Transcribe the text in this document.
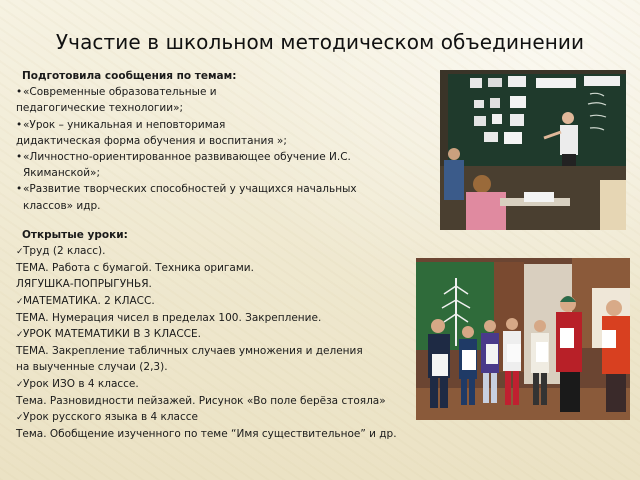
Участие в школьном методическом объединении
Подготовила сообщения по темам:
•«Современные образовательные и
педагогические технологии»;
•«Урок – уникальная и неповторимая
дидактическая форма обучения и воспитания »;
•«Личностно-ориентированное развивающее обучение И.С.
Якиманской»;
•«Развитие творческих способностей у учащихся начальных
классов» идр.
Открытые уроки:
✓Труд (2 класс).
ТЕМА. Работа с бумагой. Техника оригами.
ЛЯГУШКА-ПОПРЫГУНЬЯ.
✓МАТЕМАТИКА. 2 КЛАСС.
ТЕМА. Нумерация чисел в пределах 100. Закрепление.
✓УРОК МАТЕМАТИКИ В 3 КЛАССЕ.
ТЕМА. Закрепление табличных случаев умножения и деления
на выученные случаи (2,3).
✓Урок ИЗО в 4 классе.
Тема. Разновидности пейзажей. Рисунок «Во поле берёза стояла»
✓Урок русского языка в 4 классе
Тема. Обобщение изученного по теме “Имя существительное” и др.
